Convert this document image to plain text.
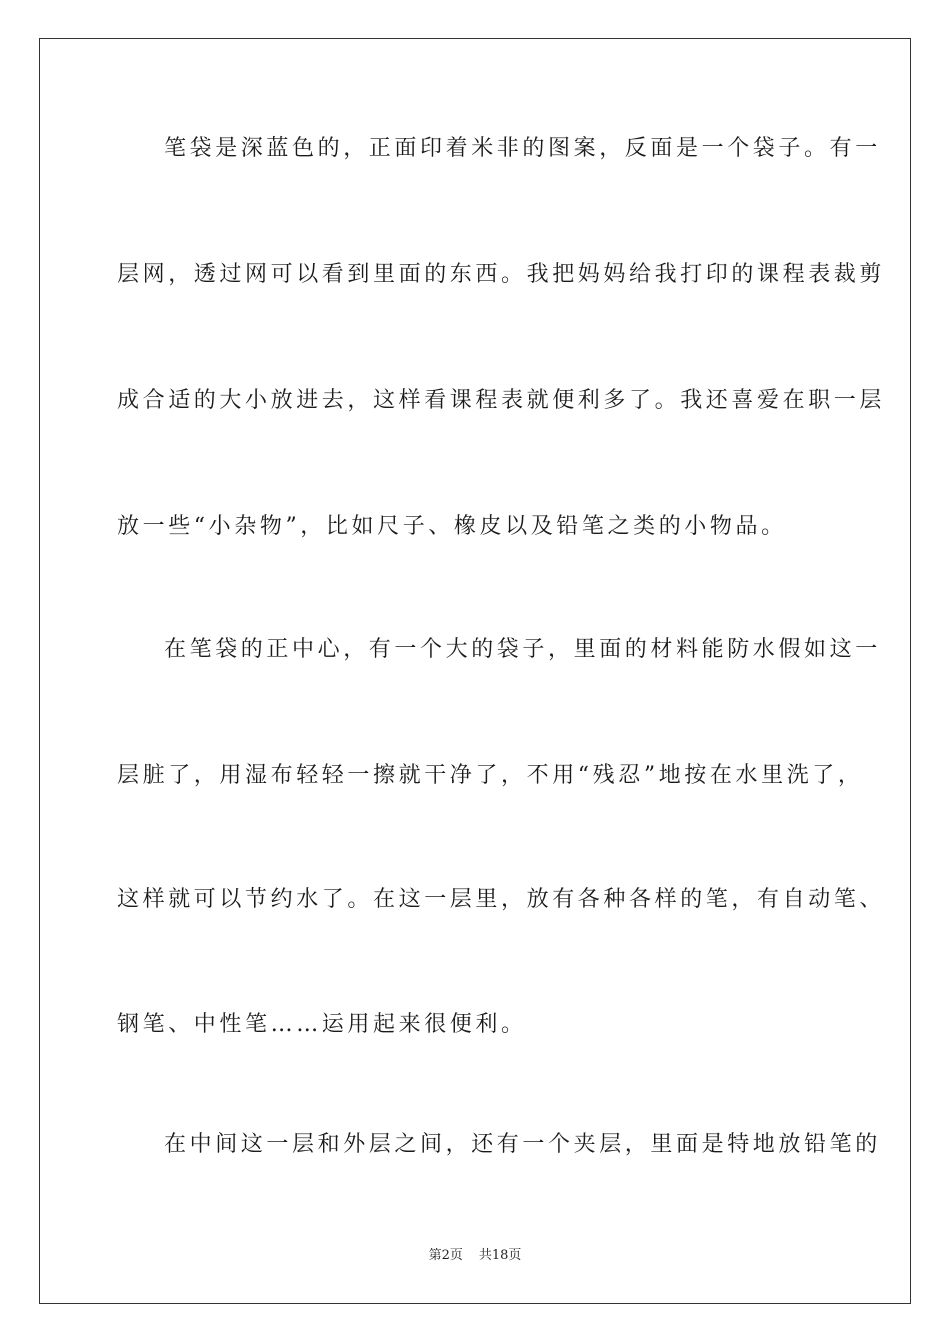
笔袋是深蓝色的，正面印着米非的图案，反面是一个袋子。有一
层网，透过网可以看到里面的东西。我把妈妈给我打印的课程表裁剪
成合适的大小放进去，这样看课程表就便利多了。我还喜爱在职一层
放一些“小杂物”，比如尺子、橡皮以及铅笔之类的小物品。
在笔袋的正中心，有一个大的袋子，里面的材料能防水假如这一
层脏了，用湿布轻轻一擦就干净了，不用“残忍”地按在水里洗了，
这样就可以节约水了。在这一层里，放有各种各样的笔，有自动笔、
钢笔、中性笔……运用起来很便利。
在中间这一层和外层之间，还有一个夹层，里面是特地放铅笔的
第2页 共18页
